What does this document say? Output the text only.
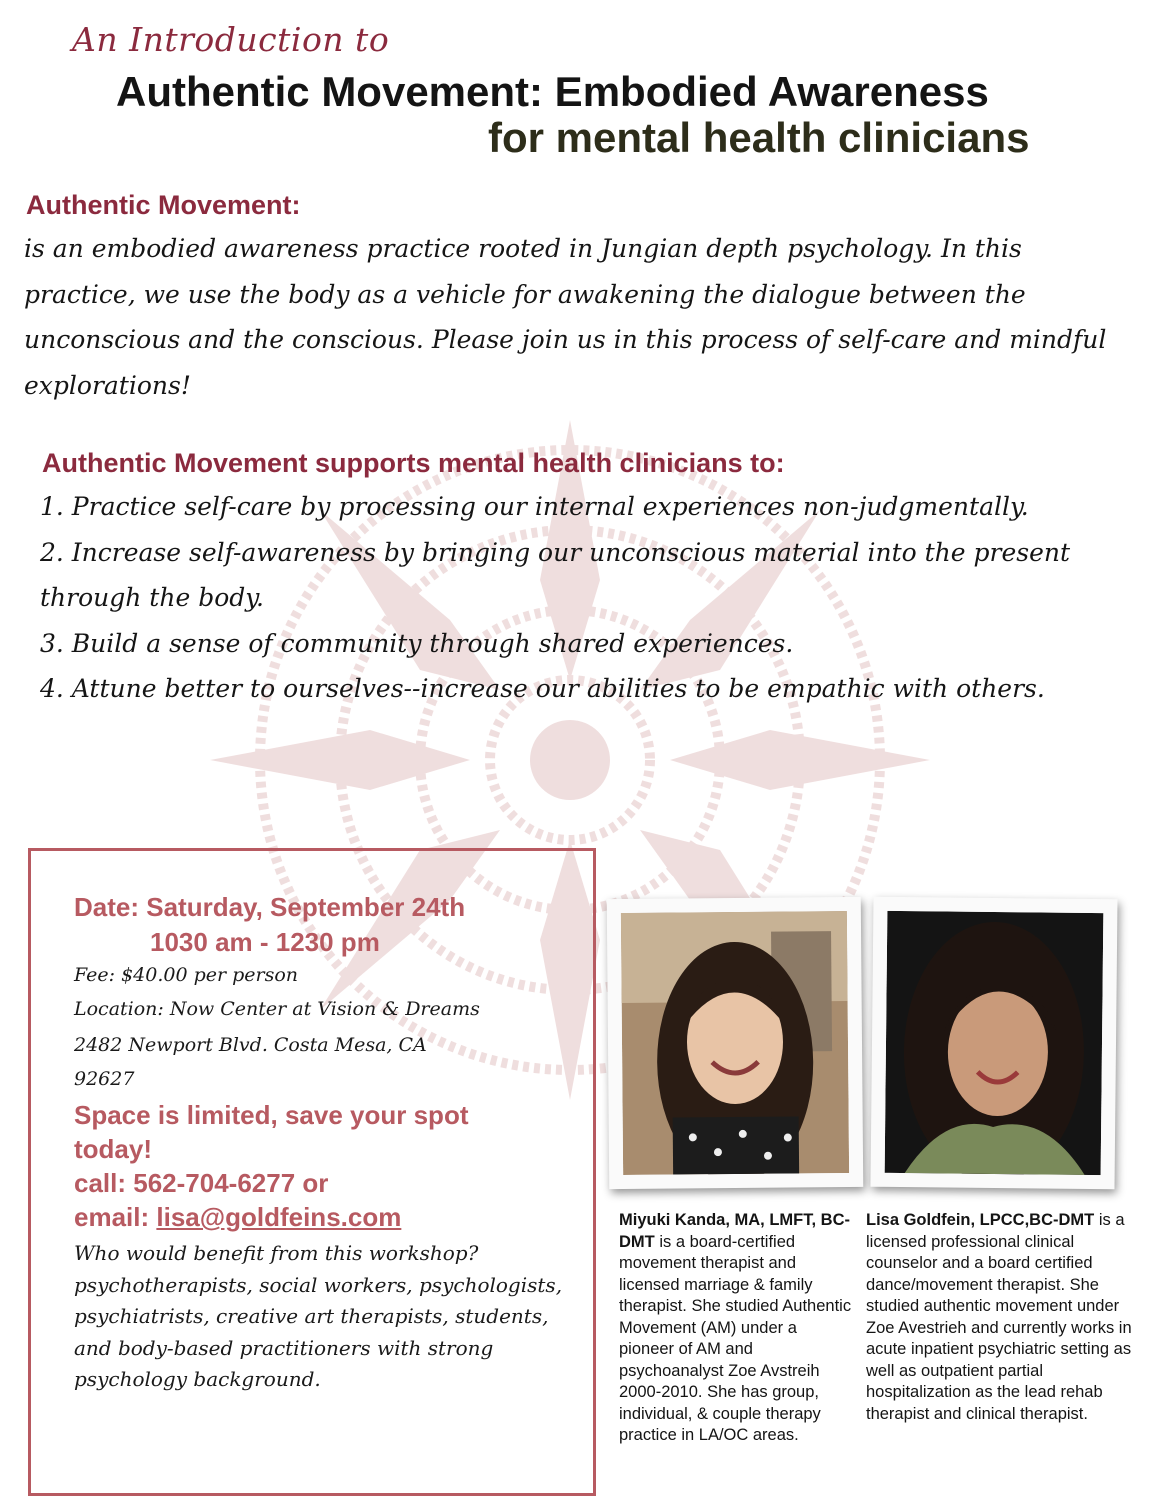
An Introduction to
Authentic Movement: Embodied Awareness
for mental health clinicians
Authentic Movement:
is an embodied awareness practice rooted in Jungian depth psychology. In this practice, we use the body as a vehicle for awakening the dialogue between the unconscious and the conscious. Please join us in this process of self-care and mindful explorations!
Authentic Movement supports mental health clinicians to:

1. Practice self-care by processing our internal experiences non-judgmentally.

2. Increase self-awareness by bringing our unconscious material into the present through the body.

3. Build a sense of community through shared experiences.

4. Attune better to ourselves--increase our abilities to be empathic with others.

Date: Saturday, September 24th
1030 am - 1230 pm
Fee: $40.00 per person
Location: Now Center at Vision & Dreams
2482 Newport Blvd. Costa Mesa, CA
92627
Space is limited, save your spot
today!
call: 562-704-6277 or
email: lisa@goldfeins.com
Who would benefit from this workshop? psychotherapists, social workers, psychologists, psychiatrists, creative art therapists, students, and body-based practitioners with strong psychology background.
Miyuki Kanda, MA, LMFT, BC-DMT is a board-certified movement therapist and licensed marriage & family therapist. She studied Authentic Movement (AM) under a pioneer of AM and psychoanalyst Zoe Avstreih 2000-2010. She has group, individual, & couple therapy practice in LA/OC areas.
Lisa Goldfein, LPCC,BC-DMT is a licensed professional clinical counselor and a board certified dance/movement therapist. She studied authentic movement under Zoe Avestrieh and currently works in acute inpatient psychiatric setting as well as outpatient partial hospitalization as the lead rehab therapist and clinical therapist.
